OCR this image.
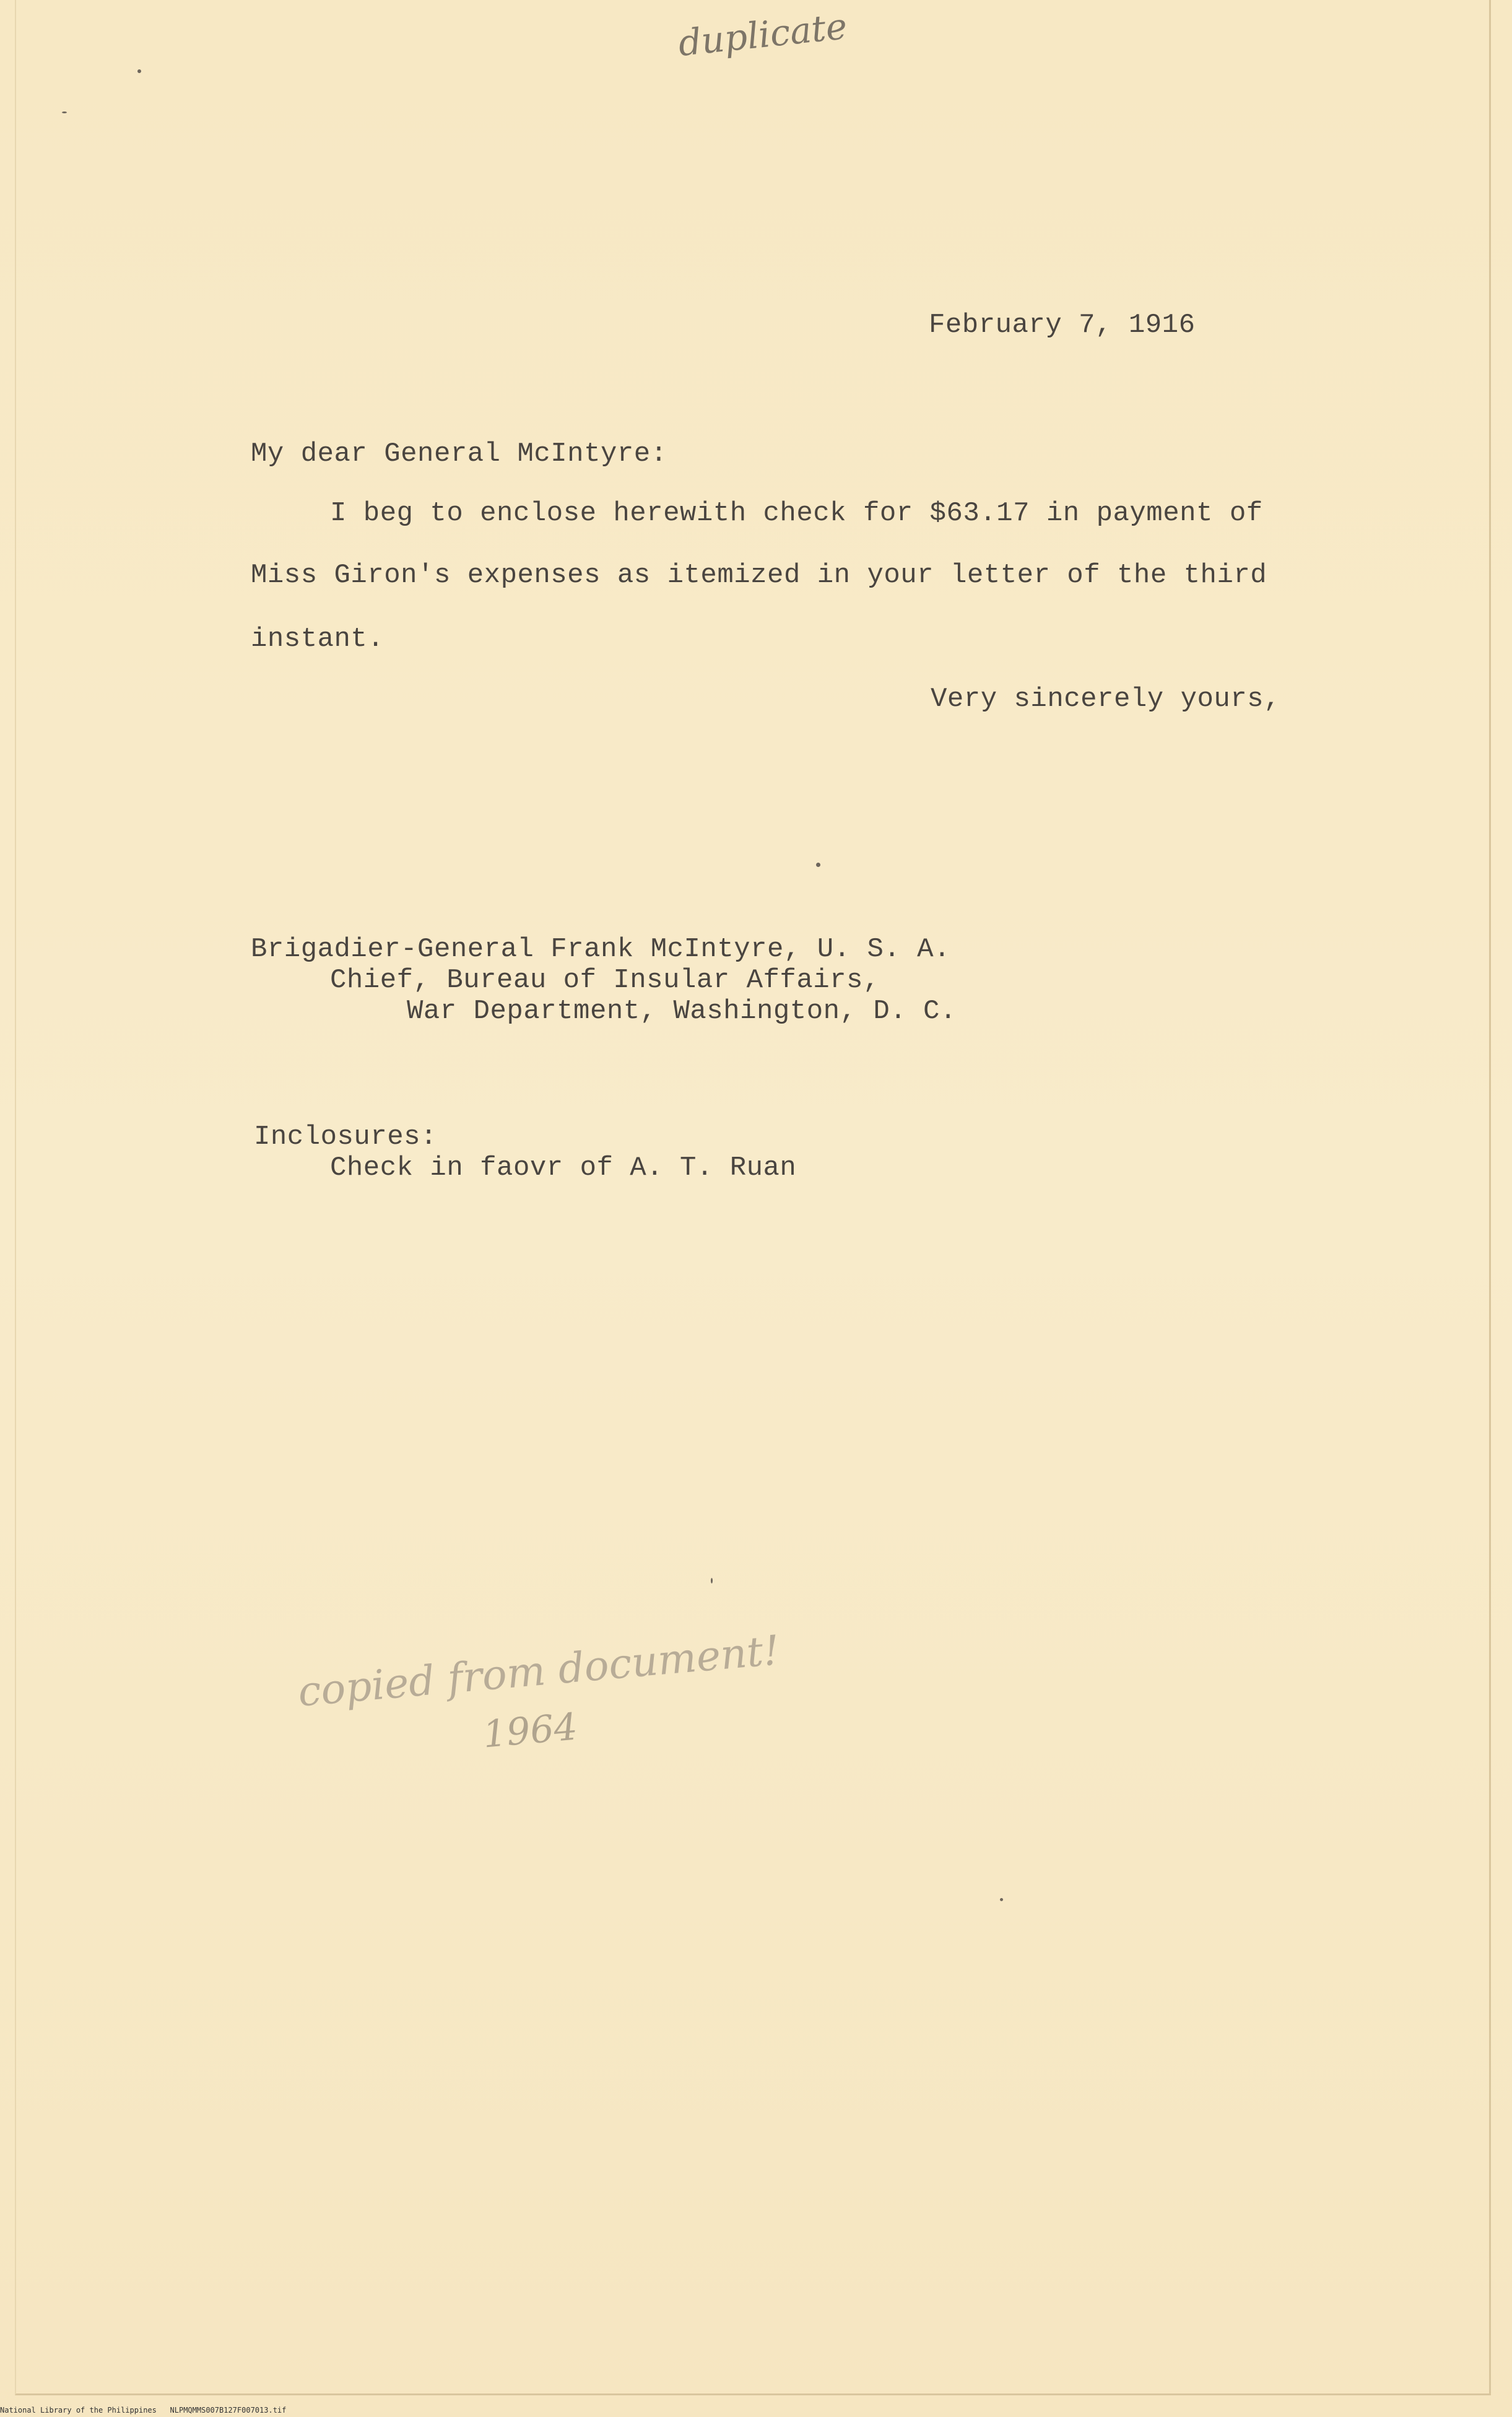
duplicate

February 7, 1916

My dear General McIntyre:

I beg to enclose herewith check for $63.17 in payment of

Miss Giron's expenses as itemized in your letter of the third

instant.

Very sincerely yours,

Brigadier-General Frank McIntyre, U. S. A.

Chief, Bureau of Insular Affairs,

War Department, Washington, D. C.

Inclosures:

Check in faovr of A. T. Ruan

copied from document!

1964

National Library of the Philippines   NLPMQMMS007B127F007013.tif
